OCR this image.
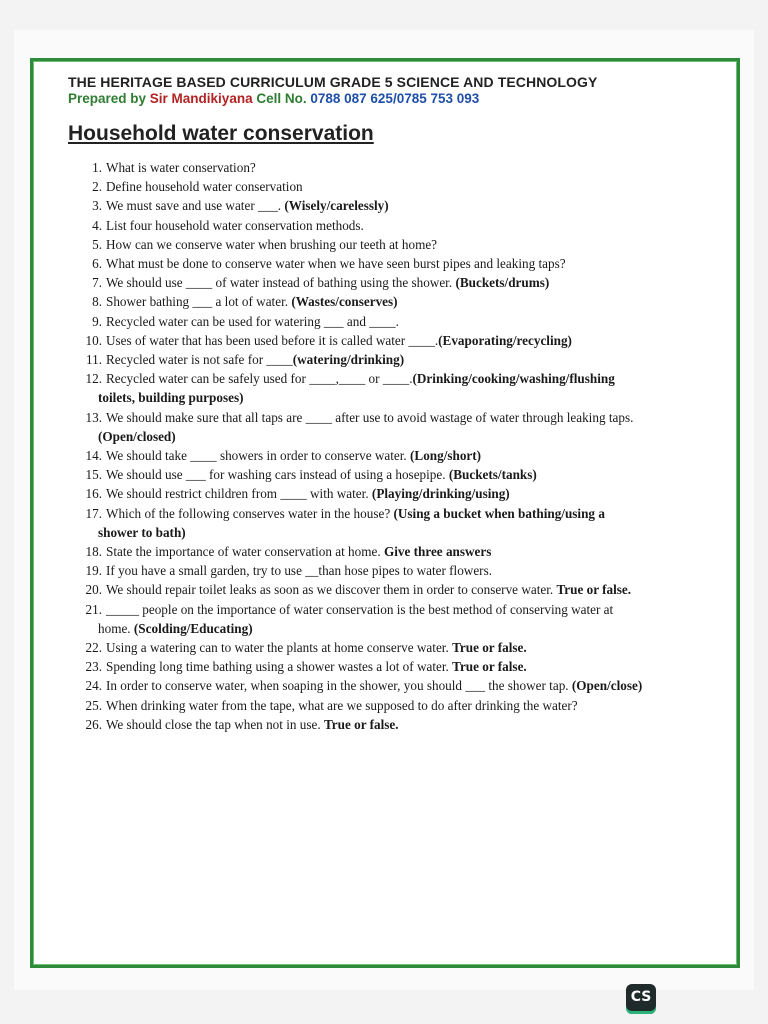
THE HERITAGE BASED CURRICULUM GRADE 5 SCIENCE AND TECHNOLOGY
Prepared by Sir Mandikiyana Cell No. 0788 087 625/0785 753 093
Household water conservation
1. What is water conservation?
2. Define household water conservation
3. We must save and use water ___. (Wisely/carelessly)
4. List four household water conservation methods.
5. How can we conserve water when brushing our teeth at home?
6. What must be done to conserve water when we have seen burst pipes and leaking taps?
7. We should use ____ of water instead of bathing using the shower. (Buckets/drums)
8. Shower bathing ___ a lot of water. (Wastes/conserves)
9. Recycled water can be used for watering ___ and ____.
10. Uses of water that has been used before it is called water ____.(Evaporating/recycling)
11. Recycled water is not safe for ____(watering/drinking)
12. Recycled water can be safely used for ____,____ or ____.(Drinking/cooking/washing/flushing
toilets, building purposes)
13. We should make sure that all taps are ____ after use to avoid wastage of water through leaking taps.
(Open/closed)
14. We should take ____ showers in order to conserve water. (Long/short)
15. We should use ___ for washing cars instead of using a hosepipe. (Buckets/tanks)
16. We should restrict children from ____ with water. (Playing/drinking/using)
17. Which of the following conserves water in the house? (Using a bucket when bathing/using a
shower to bath)
18. State the importance of water conservation at home. Give three answers
19. If you have a small garden, try to use __than hose pipes to water flowers.
20. We should repair toilet leaks as soon as we discover them in order to conserve water. True or false.
21. _____ people on the importance of water conservation is the best method of conserving water at
home. (Scolding/Educating)
22. Using a watering can to water the plants at home conserve water. True or false.
23. Spending long time bathing using a shower wastes a lot of water. True or false.
24. In order to conserve water, when soaping in the shower, you should ___ the shower tap. (Open/close)
25. When drinking water from the tape, what are we supposed to do after drinking the water?
26. We should close the tap when not in use. True or false.
CS
